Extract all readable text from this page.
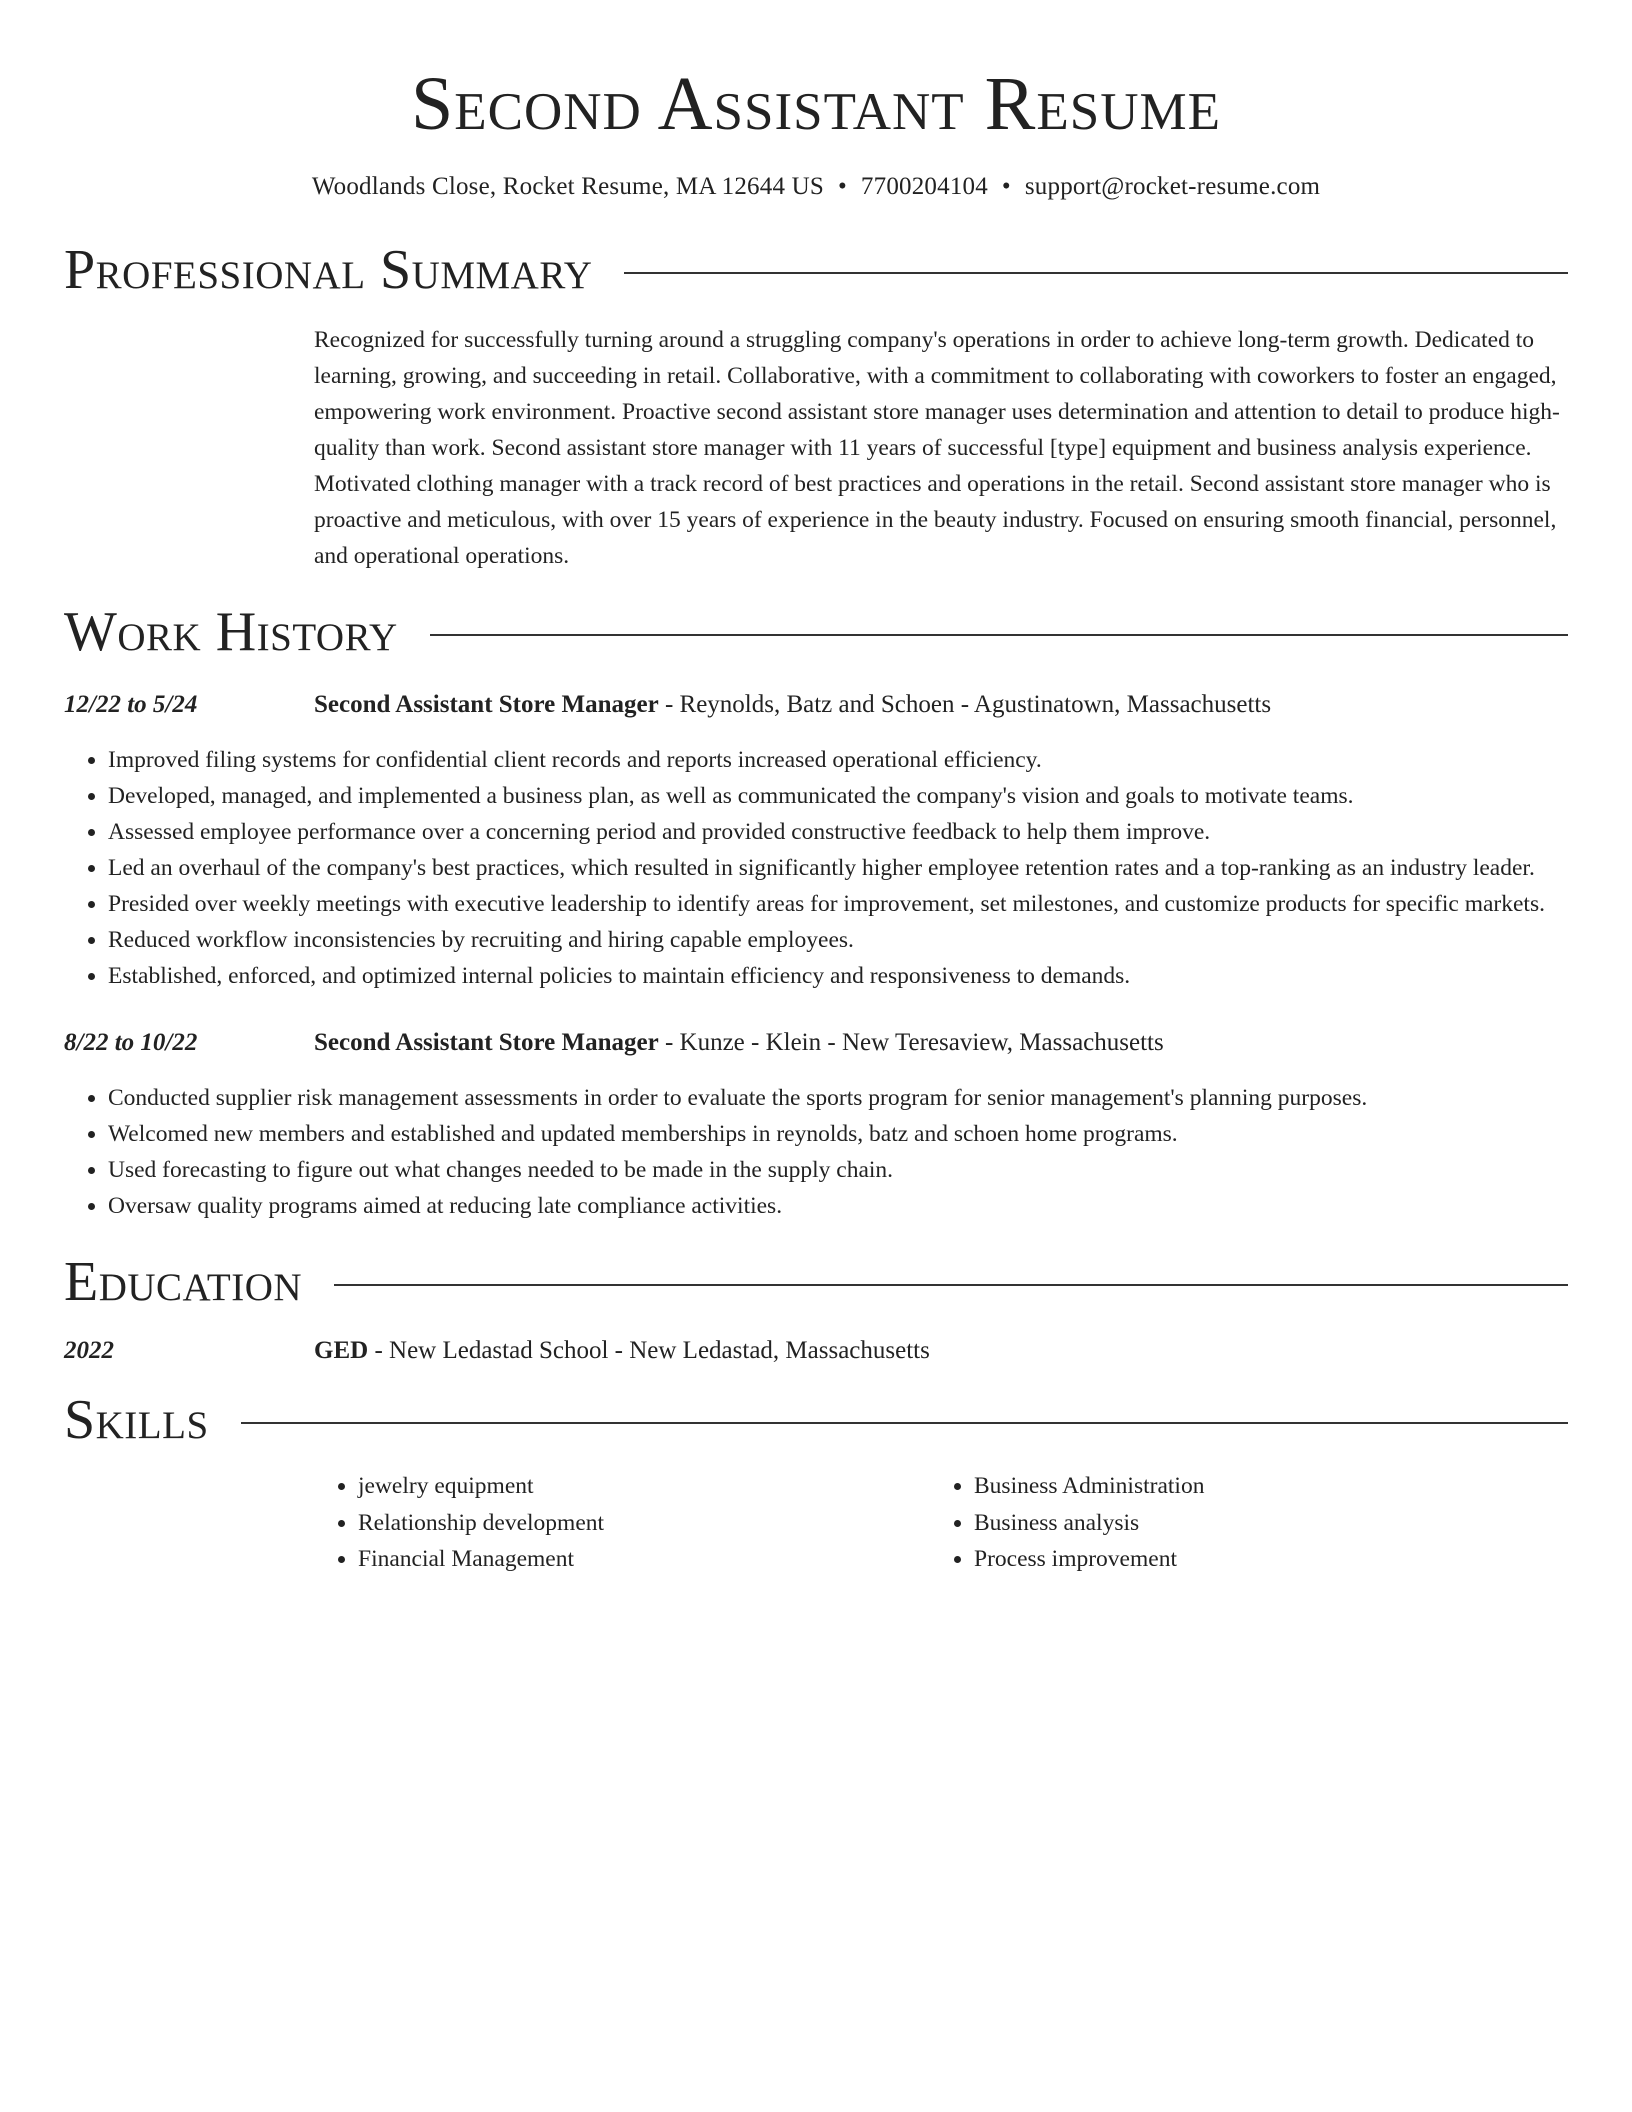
Second Assistant Resume
Woodlands Close, Rocket Resume, MA 12644 US • 7700204104 • support@rocket-resume.com
Professional Summary
Recognized for successfully turning around a struggling company's operations in order to achieve long-term growth. Dedicated to learning, growing, and succeeding in retail. Collaborative, with a commitment to collaborating with coworkers to foster an engaged, empowering work environment. Proactive second assistant store manager uses determination and attention to detail to produce high-quality than work. Second assistant store manager with 11 years of successful [type] equipment and business analysis experience. Motivated clothing manager with a track record of best practices and operations in the retail. Second assistant store manager who is proactive and meticulous, with over 15 years of experience in the beauty industry. Focused on ensuring smooth financial, personnel, and operational operations.
Work History
12/22 to 5/24	Second Assistant Store Manager - Reynolds, Batz and Schoen - Agustinatown, Massachusetts
• Improved filing systems for confidential client records and reports increased operational efficiency.
• Developed, managed, and implemented a business plan, as well as communicated the company's vision and goals to motivate teams.
• Assessed employee performance over a concerning period and provided constructive feedback to help them improve.
• Led an overhaul of the company's best practices, which resulted in significantly higher employee retention rates and a top-ranking as an industry leader.
• Presided over weekly meetings with executive leadership to identify areas for improvement, set milestones, and customize products for specific markets.
• Reduced workflow inconsistencies by recruiting and hiring capable employees.
• Established, enforced, and optimized internal policies to maintain efficiency and responsiveness to demands.
8/22 to 10/22	Second Assistant Store Manager - Kunze - Klein - New Teresaview, Massachusetts
• Conducted supplier risk management assessments in order to evaluate the sports program for senior management's planning purposes.
• Welcomed new members and established and updated memberships in reynolds, batz and schoen home programs.
• Used forecasting to figure out what changes needed to be made in the supply chain.
• Oversaw quality programs aimed at reducing late compliance activities.
Education
2022	GED - New Ledastad School - New Ledastad, Massachusetts
Skills
• jewelry equipment
• Relationship development
• Financial Management
• Business Administration
• Business analysis
• Process improvement
